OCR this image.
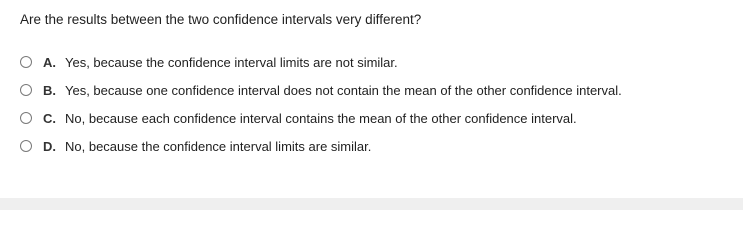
Are the results between the two confidence intervals very different?
A. Yes, because the confidence interval limits are not similar.
B. Yes, because one confidence interval does not contain the mean of the other confidence interval.
C. No, because each confidence interval contains the mean of the other confidence interval.
D. No, because the confidence interval limits are similar.
